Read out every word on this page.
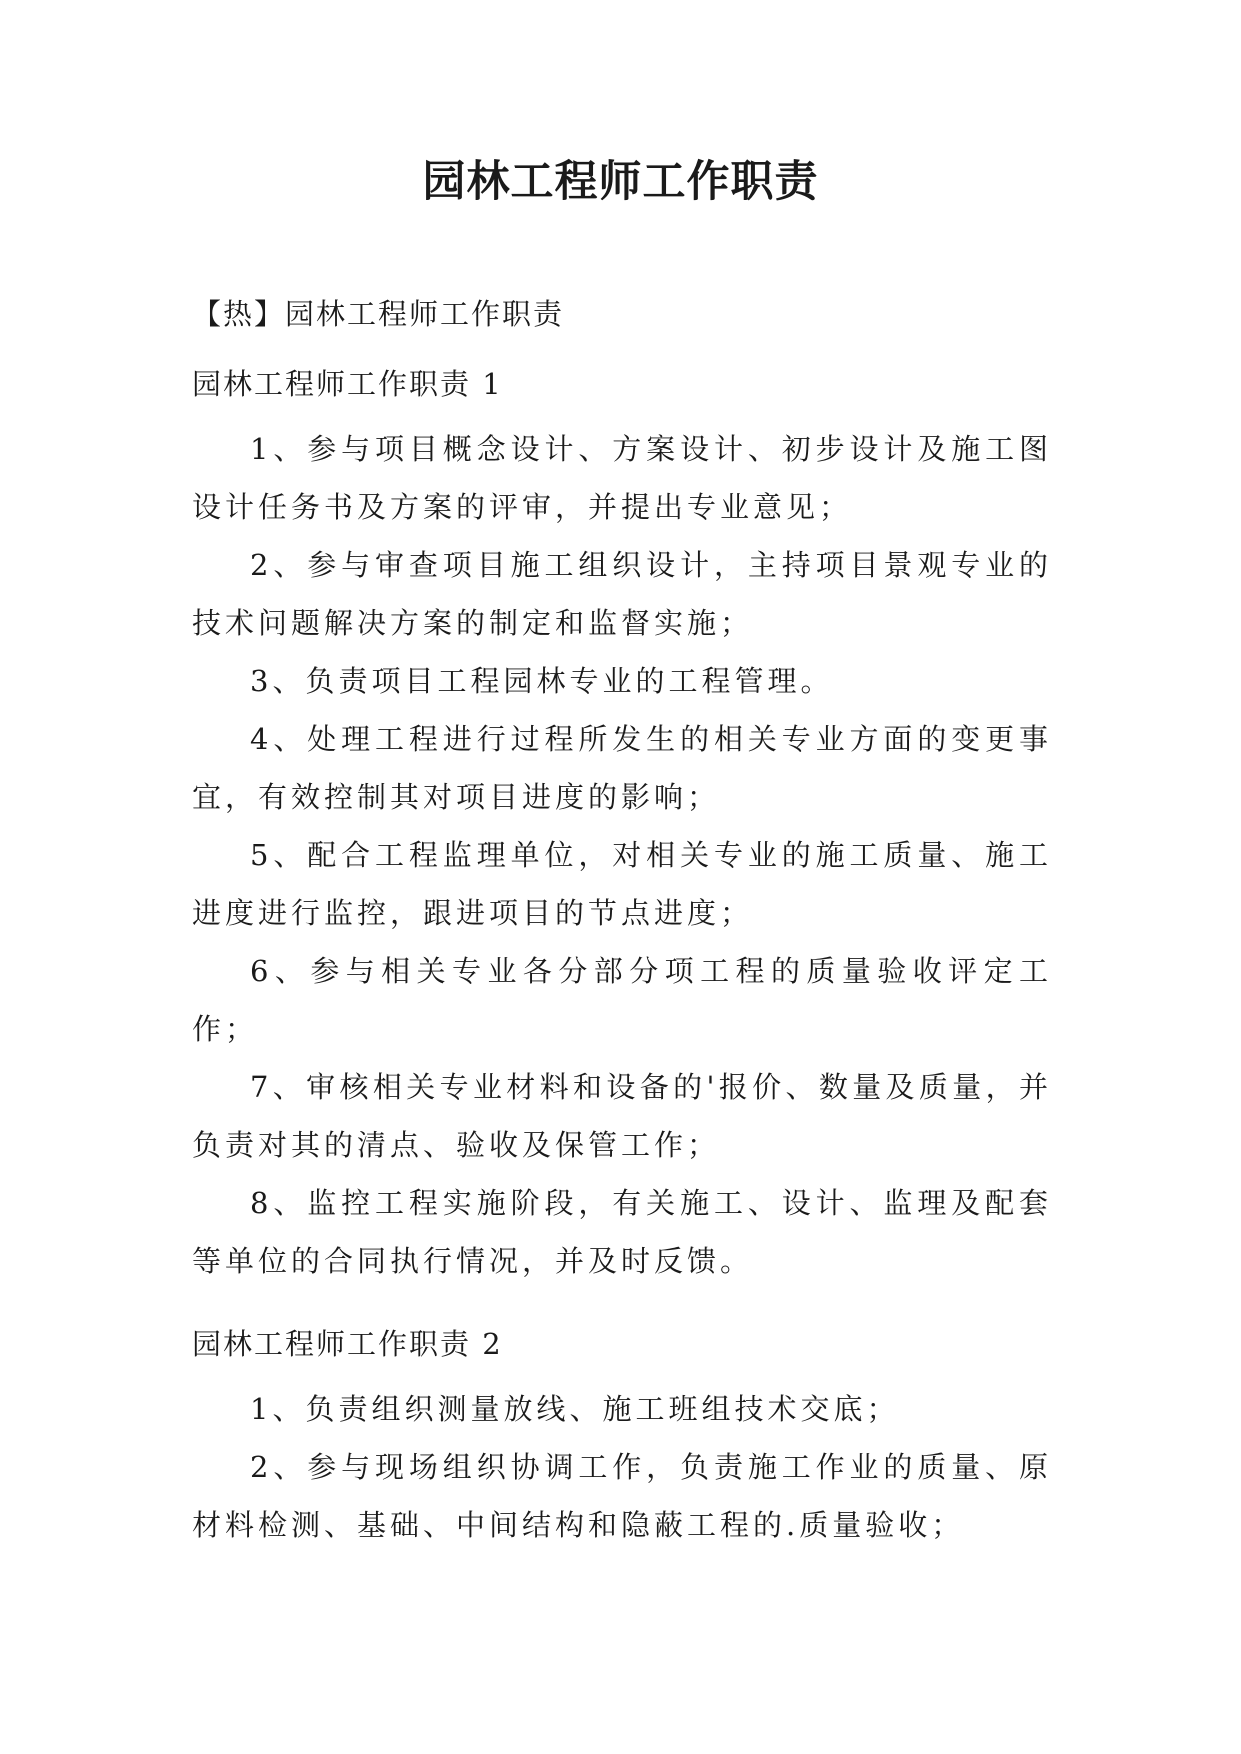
园林工程师工作职责

【热】园林工程师工作职责

园林工程师工作职责 1

1、参与项目概念设计、方案设计、初步设计及施工图设计任务书及方案的评审，并提出专业意见；
2、参与审查项目施工组织设计，主持项目景观专业的技术问题解决方案的制定和监督实施；
3、负责项目工程园林专业的工程管理。
4、处理工程进行过程所发生的相关专业方面的变更事宜，有效控制其对项目进度的影响；
5、配合工程监理单位，对相关专业的施工质量、施工进度进行监控，跟进项目的节点进度；
6、参与相关专业各分部分项工程的质量验收评定工作；
7、审核相关专业材料和设备的'报价、数量及质量，并负责对其的清点、验收及保管工作；
8、监控工程实施阶段，有关施工、设计、监理及配套等单位的合同执行情况，并及时反馈。

园林工程师工作职责 2

1、负责组织测量放线、施工班组技术交底；
2、参与现场组织协调工作，负责施工作业的质量、原材料检测、基础、中间结构和隐蔽工程的.质量验收；
